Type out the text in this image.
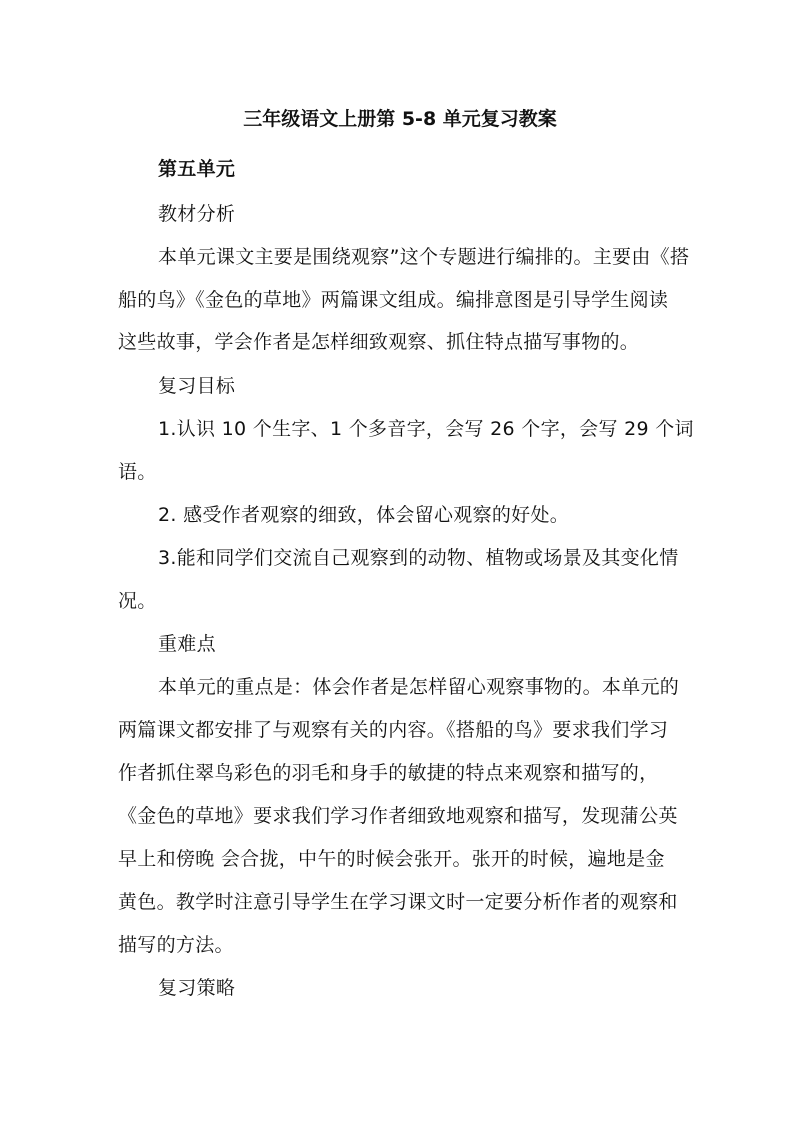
三年级语文上册第 5-8 单元复习教案
第五单元
教材分析
本单元课文主要是围绕观察”这个专题进行编排的。主要由《搭
船的鸟》《金色的草地》两篇课文组成。编排意图是引导学生阅读
这些故事，学会作者是怎样细致观察、抓住特点描写事物的。
复习目标
1.认识 10 个生字、1 个多音字，会写 26 个字，会写 29 个词
语。
2. 感受作者观察的细致，体会留心观察的好处。
3.能和同学们交流自己观察到的动物、植物或场景及其变化情
况。
重难点
本单元的重点是：体会作者是怎样留心观察事物的。本单元的
两篇课文都安排了与观察有关的内容。《搭船的鸟》要求我们学习
作者抓住翠鸟彩色的羽毛和身手的敏捷的特点来观察和描写的，
《金色的草地》要求我们学习作者细致地观察和描写，发现蒲公英
早上和傍晚 会合拢，中午的时候会张开。张开的时候，遍地是金
黄色。教学时注意引导学生在学习课文时一定要分析作者的观察和
描写的方法。
复习策略
